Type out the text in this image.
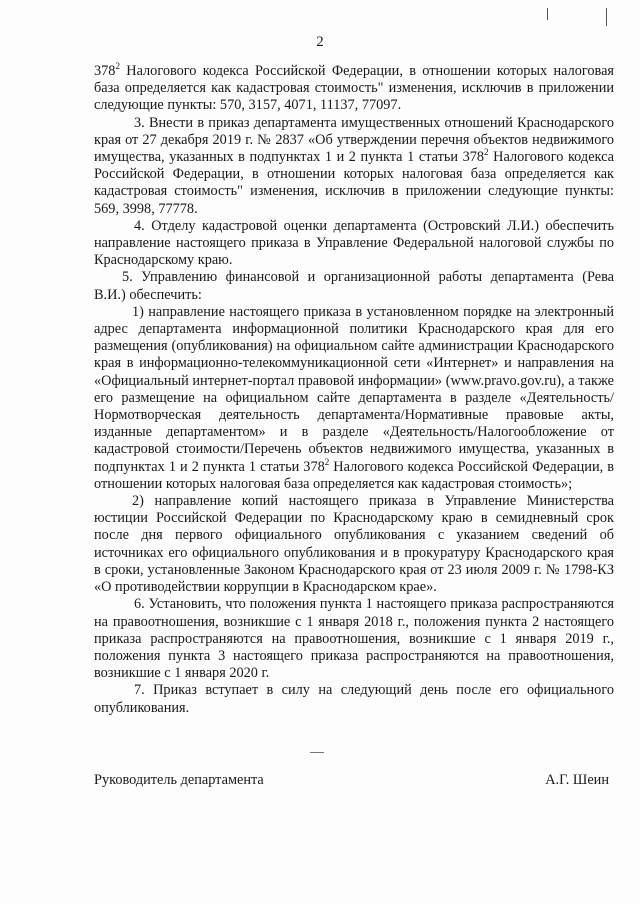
2

$378^2$ Налогового кодекса Российской Федерации, в отношении которых налоговая база определяется как кадастровая стоимость" изменения, исключив в приложении следующие пункты: 570, 3157, 4071, 11137, 77097.

3. Внести в приказ департамента имущественных отношений Краснодарского края от 27 декабря 2019 г. № 2837 «Об утверждении перечня объектов недвижимого имущества, указанных в подпунктах 1 и 2 пункта 1 статьи $378^2$ Налогового кодекса Российской Федерации, в отношении которых налоговая база определяется как кадастровая стоимость" изменения, исключив в приложении следующие пункты: 569, 3998, 77778.

4. Отделу кадастровой оценки департамента (Островский Л.И.) обеспечить направление настоящего приказа в Управление Федеральной налоговой службы по Краснодарскому краю.

5. Управлению финансовой и организационной работы департамента (Рева В.И.) обеспечить:

1) направление настоящего приказа в установленном порядке на электронный адрес департамента информационной политики Краснодарского края для его размещения (опубликования) на официальном сайте администрации Краснодарского края в информационно-телекоммуникационной сети «Интернет» и направления на «Официальный интернет-портал правовой информации» (www.pravo.gov.ru), а также его размещение на официальном сайте департамента в разделе «Деятельность/Нормотворческая деятельность департамента/Нормативные правовые акты, изданные департаментом» и в разделе «Деятельность/Налогообложение от кадастровой стоимости/Перечень объектов недвижимого имущества, указанных в подпунктах 1 и 2 пункта 1 статьи $378^2$ Налогового кодекса Российской Федерации, в отношении которых налоговая база определяется как кадастровая стоимость»;

2) направление копий настоящего приказа в Управление Министерства юстиции Российской Федерации по Краснодарскому краю в семидневный срок после дня первого официального опубликования с указанием сведений об источниках его официального опубликования и в прокуратуру Краснодарского края в сроки, установленные Законом Краснодарского края от 23 июля 2009 г. № 1798-КЗ «О противодействии коррупции в Краснодарском крае».

6. Установить, что положения пункта 1 настоящего приказа распространяются на правоотношения, возникшие с 1 января 2018 г., положения пункта 2 настоящего приказа распространяются на правоотношения, возникшие с 1 января 2019 г., положения пункта 3 настоящего приказа распространяются на правоотношения, возникшие с 1 января 2020 г.

7. Приказ вступает в силу на следующий день после его официального опубликования.

Руководитель департамента	А.Г. Шеин
